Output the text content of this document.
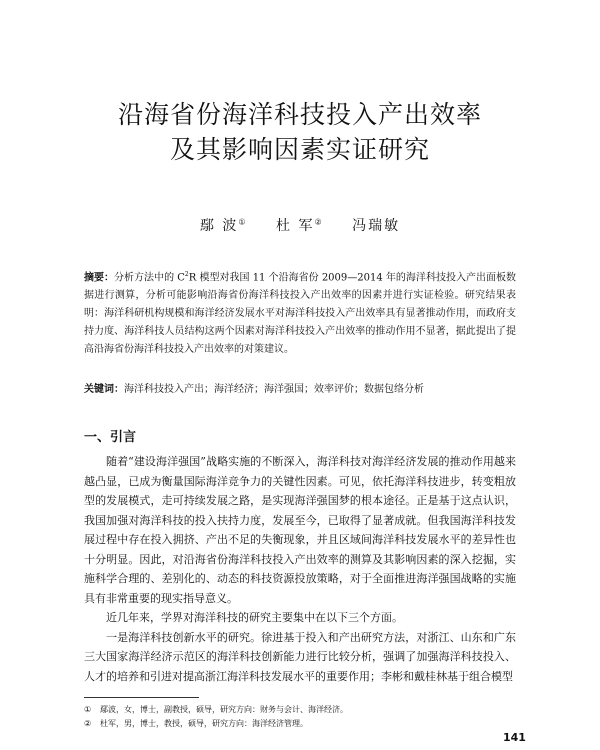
沿海省份海洋科技投入产出效率
及其影响因素实证研究
鄢 波① 杜 军② 冯瑞敏
摘要：分析方法中的 $C^2R$ 模型对我国 11 个沿海省份 2009—2014 年的海洋科技投入产出面板数据进行测算，分析可能影响沿海省份海洋科技投入产出效率的因素并进行实证检验。研究结果表明：海洋科研机构规模和海洋经济发展水平对海洋科技投入产出效率具有显著推动作用，而政府支持力度、海洋科技人员结构这两个因素对海洋科技投入产出效率的推动作用不显著，据此提出了提高沿海省份海洋科技投入产出效率的对策建议。
关键词：海洋科技投入产出；海洋经济；海洋强国；效率评价；数据包络分析
一、引言

随着“建设海洋强国”战略实施的不断深入，海洋科技对海洋经济发展的推动作用越来越凸显，已成为衡量国际海洋竞争力的关键性因素。可见，依托海洋科技进步，转变粗放型的发展模式，走可持续发展之路，是实现海洋强国梦的根本途径。正是基于这点认识，我国加强对海洋科技的投入扶持力度，发展至今，已取得了显著成就。但我国海洋科技发展过程中存在投入拥挤、产出不足的失衡现象，并且区域间海洋科技发展水平的差异性也十分明显。因此，对沿海省份海洋科技投入产出效率的测算及其影响因素的深入挖掘，实施科学合理的、差别化的、动态的科技资源投放策略，对于全面推进海洋强国战略的实施具有非常重要的现实指导意义。

近几年来，学界对海洋科技的研究主要集中在以下三个方面。

一是海洋科技创新水平的研究。徐进基于投入和产出研究方法，对浙江、山东和广东三大国家海洋经济示范区的海洋科技创新能力进行比较分析，强调了加强海洋科技投入、人才的培养和引进对提高浙江海洋科技发展水平的重要作用；李彬和戴桂林基于组合模型

① 鄢波，女，博士，副教授，硕导，研究方向：财务与会计、海洋经济。
② 杜军，男，博士，教授，硕导，研究方向：海洋经济管理。
141
